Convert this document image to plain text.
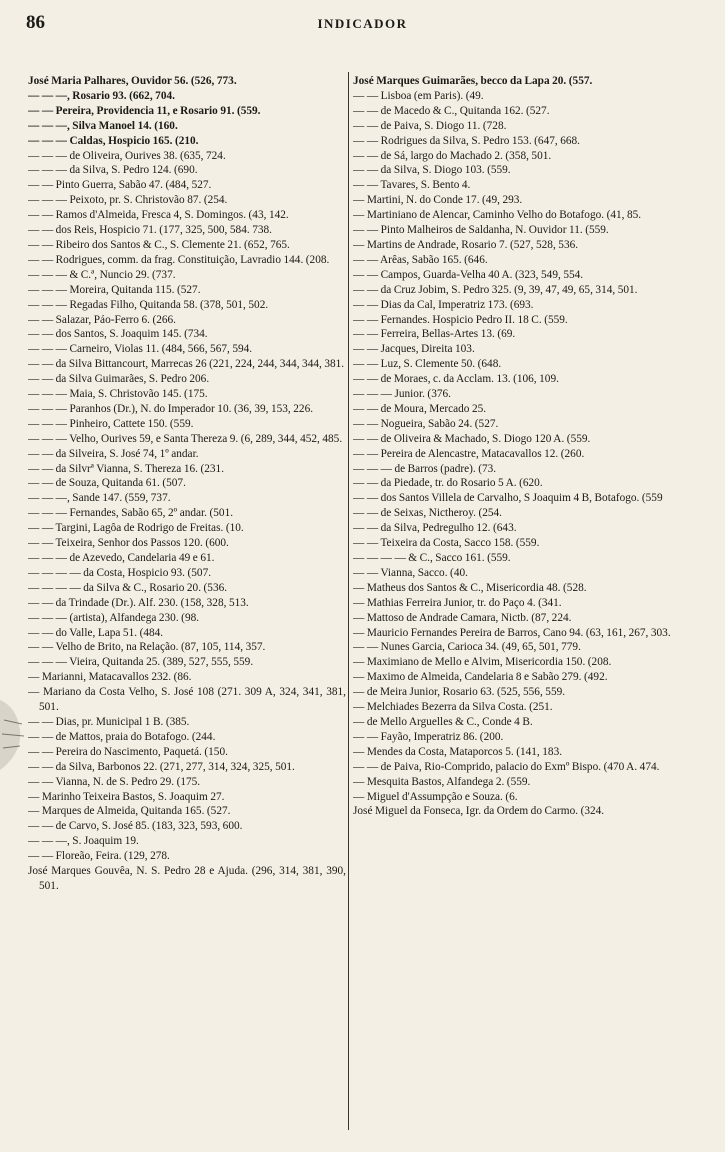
86	INDICADOR
José Maria Palhares, Ouvidor 56. (526, 773.
— — —, Rosario 93. (662, 704.
— — Pereira, Providencia 11, e Rosario 91. (559.
— — —, Silva Manoel 14. (160.
— — — Caldas, Hospicio 165. (210.
— — — de Oliveira, Ourives 38. (635, 724.
— — — da Silva, S. Pedro 124. (690.
— — Pinto Guerra, Sabão 47. (484, 527.
— — — Peixoto, pr. S. Christovão 87. (254.
— — Ramos d'Almeida, Fresca 4, S. Domingos. (43, 142.
— — dos Reis, Hospicio 71. (177, 325, 500, 584. 738.
— — Ribeiro dos Santos & C., S. Clemente 21. (652, 765.
— — Rodrigues, comm. da frag. Constituição, Lavradio 144. (208.
— — — & C.ª, Nuncio 29. (737.
— — — Moreira, Quitanda 115. (527.
— — — Regadas Filho, Quitanda 58. (378, 501, 502.
— — Salazar, Páo-Ferro 6. (266.
— — dos Santos, S. Joaquim 145. (734.
— — — Carneiro, Violas 11. (484, 566, 567, 594.
— — da Silva Bittancourt, Marrecas 26 (221, 224, 244, 344, 344, 381.
— — da Silva Guimarães, S. Pedro 206.
— — — Maia, S. Christovão 145. (175.
— — — Paranhos (Dr.), N. do Imperador 10. (36, 39, 153, 226.
— — — Pinheiro, Cattete 150. (559.
— — — Velho, Ourives 59, e Santa Thereza 9. (6, 289, 344, 452, 485.
— — da Silveira, S. José 74, 1º andar.
— — da Silvrª Vianna, S. Thereza 16. (231.
— — de Souza, Quitanda 61. (507.
— — —, Sande 147. (559, 737.
— — — Fernandes, Sabão 65, 2º andar. (501.
— — Targini, Lagôa de Rodrigo de Freitas. (10.
— — Teixeira, Senhor dos Passos 120. (600.
— — — de Azevedo, Candelaria 49 e 61.
— — — — da Costa, Hospicio 93. (507.
— — — — da Silva & C., Rosario 20. (536.
— — da Trindade (Dr.). Alf. 230. (158, 328, 513.
— — — (artista), Alfandega 230. (98.
— — do Valle, Lapa 51. (484.
— — Velho de Brito, na Relação. (87, 105, 114, 357.
— — — Vieira, Quitanda 25. (389, 527, 555, 559.
— Marianni, Matacavallos 232. (86.
— Mariano da Costa Velho, S. José 108 (271. 309 A, 324, 341, 381, 501.
— — Dias, pr. Municipal 1 B. (385.
— — de Mattos, praia do Botafogo. (244.
— — Pereira do Nascimento, Paquetá. (150.
— — da Silva, Barbonos 22. (271, 277, 314, 324, 325, 501.
— — Vianna, N. de S. Pedro 29. (175.
— Marinho Teixeira Bastos, S. Joaquim 27.
— Marques de Almeida, Quitanda 165. (527.
— — de Carvo, S. José 85. (183, 323, 593, 600.
— — —, S. Joaquim 19.
— — Floreão, Feira. (129, 278.
José Marques Gouvêa, N. S. Pedro 28 e Ajuda. (296, 314, 381, 390, 501.
José Marques Guimarães, becco da Lapa 20. (557.
— — Lisboa (em Paris). (49.
— — de Macedo & C., Quitanda 162. (527.
— — de Paiva, S. Diogo 11. (728.
— — Rodrigues da Silva, S. Pedro 153. (647, 668.
— — de Sá, largo do Machado 2. (358, 501.
— — da Silva, S. Diogo 103. (559.
— — Tavares, S. Bento 4.
— Martini, N. do Conde 17. (49, 293.
— Martiniano de Alencar, Caminho Velho do Botafogo. (41, 85.
— — Pinto Malheiros de Saldanha, N. Ouvidor 11. (559.
— Martins de Andrade, Rosario 7. (527, 528, 536.
— — Arêas, Sabão 165. (646.
— — Campos, Guarda-Velha 40 A. (323, 549, 554.
— — da Cruz Jobim, S. Pedro 325. (9, 39, 47, 49, 65, 314, 501.
— — Dias da Cal, Imperatriz 173. (693.
— — Fernandes. Hospicio Pedro II. 18 C. (559.
— — Ferreira, Bellas-Artes 13. (69.
— — Jacques, Direita 103.
— — Luz, S. Clemente 50. (648.
— — de Moraes, c. da Acclam. 13. (106, 109.
— — — Junior. (376.
— — de Moura, Mercado 25.
— — Nogueira, Sabão 24. (527.
— — de Oliveira & Machado, S. Diogo 120 A. (559.
— — Pereira de Alencastre, Matacavallos 12. (260.
— — — de Barros (padre). (73.
— — da Piedade, tr. do Rosario 5 A. (620.
— — dos Santos Villela de Carvalho, S Joaquim 4 B, Botafogo. (559
— — de Seixas, Nictheroy. (254.
— — da Silva, Pedregulho 12. (643.
— — Teixeira da Costa, Sacco 158. (559.
— — — — & C., Sacco 161. (559.
— — Vianna, Sacco. (40.
— Matheus dos Santos & C., Misericordia 48. (528.
— Mathias Ferreira Junior, tr. do Paço 4. (341.
— Mattoso de Andrade Camara, Nictb. (87, 224.
— Mauricio Fernandes Pereira de Barros, Cano 94. (63, 161, 267, 303.
— — Nunes Garcia, Carioca 34. (49, 65, 501, 779.
— Maximiano de Mello e Alvim, Misericordia 150. (208.
— Maximo de Almeida, Candelaria 8 e Sabão 279. (492.
— de Meira Junior, Rosario 63. (525, 556, 559.
— Melchiades Bezerra da Silva Costa. (251.
— de Mello Arguelles & C., Conde 4 B.
— — Fayão, Imperatriz 86. (200.
— Mendes da Costa, Mataporcos 5. (141, 183.
— — de Paiva, Rio-Comprido, palacio do Exmº Bispo. (470 A. 474.
— Mesquita Bastos, Alfandega 2. (559.
— Miguel d'Assumpção e Souza. (6.
José Miguel da Fonseca, Igr. da Ordem do Carmo. (324.
